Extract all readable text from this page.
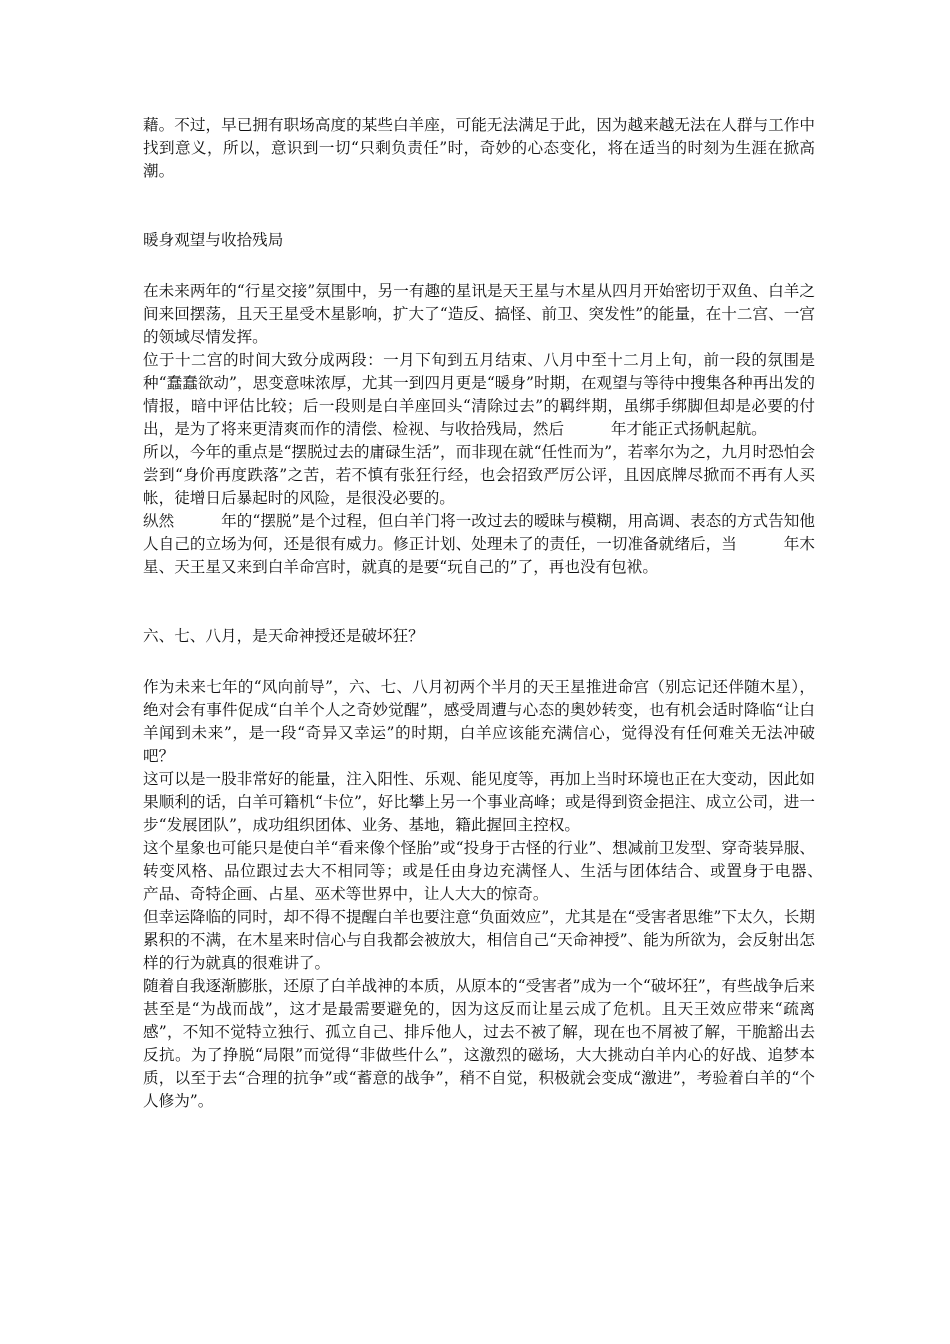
藉。不过，早已拥有职场高度的某些白羊座，可能无法满足于此，因为越来越无法在人群与工作中找到意义，所以，意识到一切“只剩负责任”时，奇妙的心态变化，将在适当的时刻为生涯在掀高潮。

暖身观望与收拾残局

在未来两年的“行星交接”氛围中，另一有趣的星讯是天王星与木星从四月开始密切于双鱼、白羊之间来回摆荡，且天王星受木星影响，扩大了“造反、搞怪、前卫、突发性”的能量，在十二宫、一宫的领域尽情发挥。

位于十二宫的时间大致分成两段：一月下旬到五月结束、八月中至十二月上旬，前一段的氛围是种“蠢蠢欲动”，思变意味浓厚，尤其一到四月更是“暖身”时期，在观望与等待中搜集各种再出发的情报，暗中评估比较；后一段则是白羊座回头“清除过去”的羁绊期，虽绑手绑脚但却是必要的付出，是为了将来更清爽而作的清偿、检视、与收拾残局，然后　　　年才能正式扬帆起航。

所以，今年的重点是“摆脱过去的庸碌生活”，而非现在就“任性而为”，若率尔为之，九月时恐怕会尝到“身价再度跌落”之苦，若不慎有张狂行经，也会招致严厉公评，且因底牌尽掀而不再有人买帐，徒增日后暴起时的风险，是很没必要的。

纵然　　　年的“摆脱”是个过程，但白羊门将一改过去的暧昧与模糊，用高调、表态的方式告知他人自己的立场为何，还是很有威力。修正计划、处理未了的责任，一切准备就绪后，当　　　年木星、天王星又来到白羊命宫时，就真的是要“玩自己的”了，再也没有包袱。

六、七、八月，是天命神授还是破坏狂？

作为未来七年的“风向前导”，六、七、八月初两个半月的天王星推进命宫（别忘记还伴随木星），绝对会有事件促成“白羊个人之奇妙觉醒”，感受周遭与心态的奥妙转变，也有机会适时降临“让白羊闻到未来”，是一段“奇异又幸运”的时期，白羊应该能充满信心，觉得没有任何难关无法冲破吧？

这可以是一股非常好的能量，注入阳性、乐观、能见度等，再加上当时环境也正在大变动，因此如果顺利的话，白羊可籍机“卡位”，好比攀上另一个事业高峰；或是得到资金挹注、成立公司，进一步“发展团队”，成功组织团体、业务、基地，籍此握回主控权。

这个星象也可能只是使白羊“看来像个怪胎”或“投身于古怪的行业”、想减前卫发型、穿奇装异服、转变风格、品位跟过去大不相同等；或是任由身边充满怪人、生活与团体结合、或置身于电器、　　产品、奇特企画、占星、巫术等世界中，让人大大的惊奇。

但幸运降临的同时，却不得不提醒白羊也要注意“负面效应”，尤其是在“受害者思维”下太久，长期累积的不满，在木星来时信心与自我都会被放大，相信自己“天命神授”、能为所欲为，会反射出怎样的行为就真的很难讲了。

随着自我逐渐膨胀，还原了白羊战神的本质，从原本的“受害者”成为一个“破坏狂”，有些战争后来甚至是“为战而战”，这才是最需要避免的，因为这反而让星云成了危机。且天王效应带来“疏离感”，不知不觉特立独行、孤立自己、排斥他人，过去不被了解，现在也不屑被了解，干脆豁出去反抗。为了挣脱“局限”而觉得“非做些什么”，这激烈的磁场，大大挑动白羊内心的好战、追梦本质，以至于去“合理的抗争”或“蓄意的战争”，稍不自觉，积极就会变成“激进”，考验着白羊的“个人修为”。
